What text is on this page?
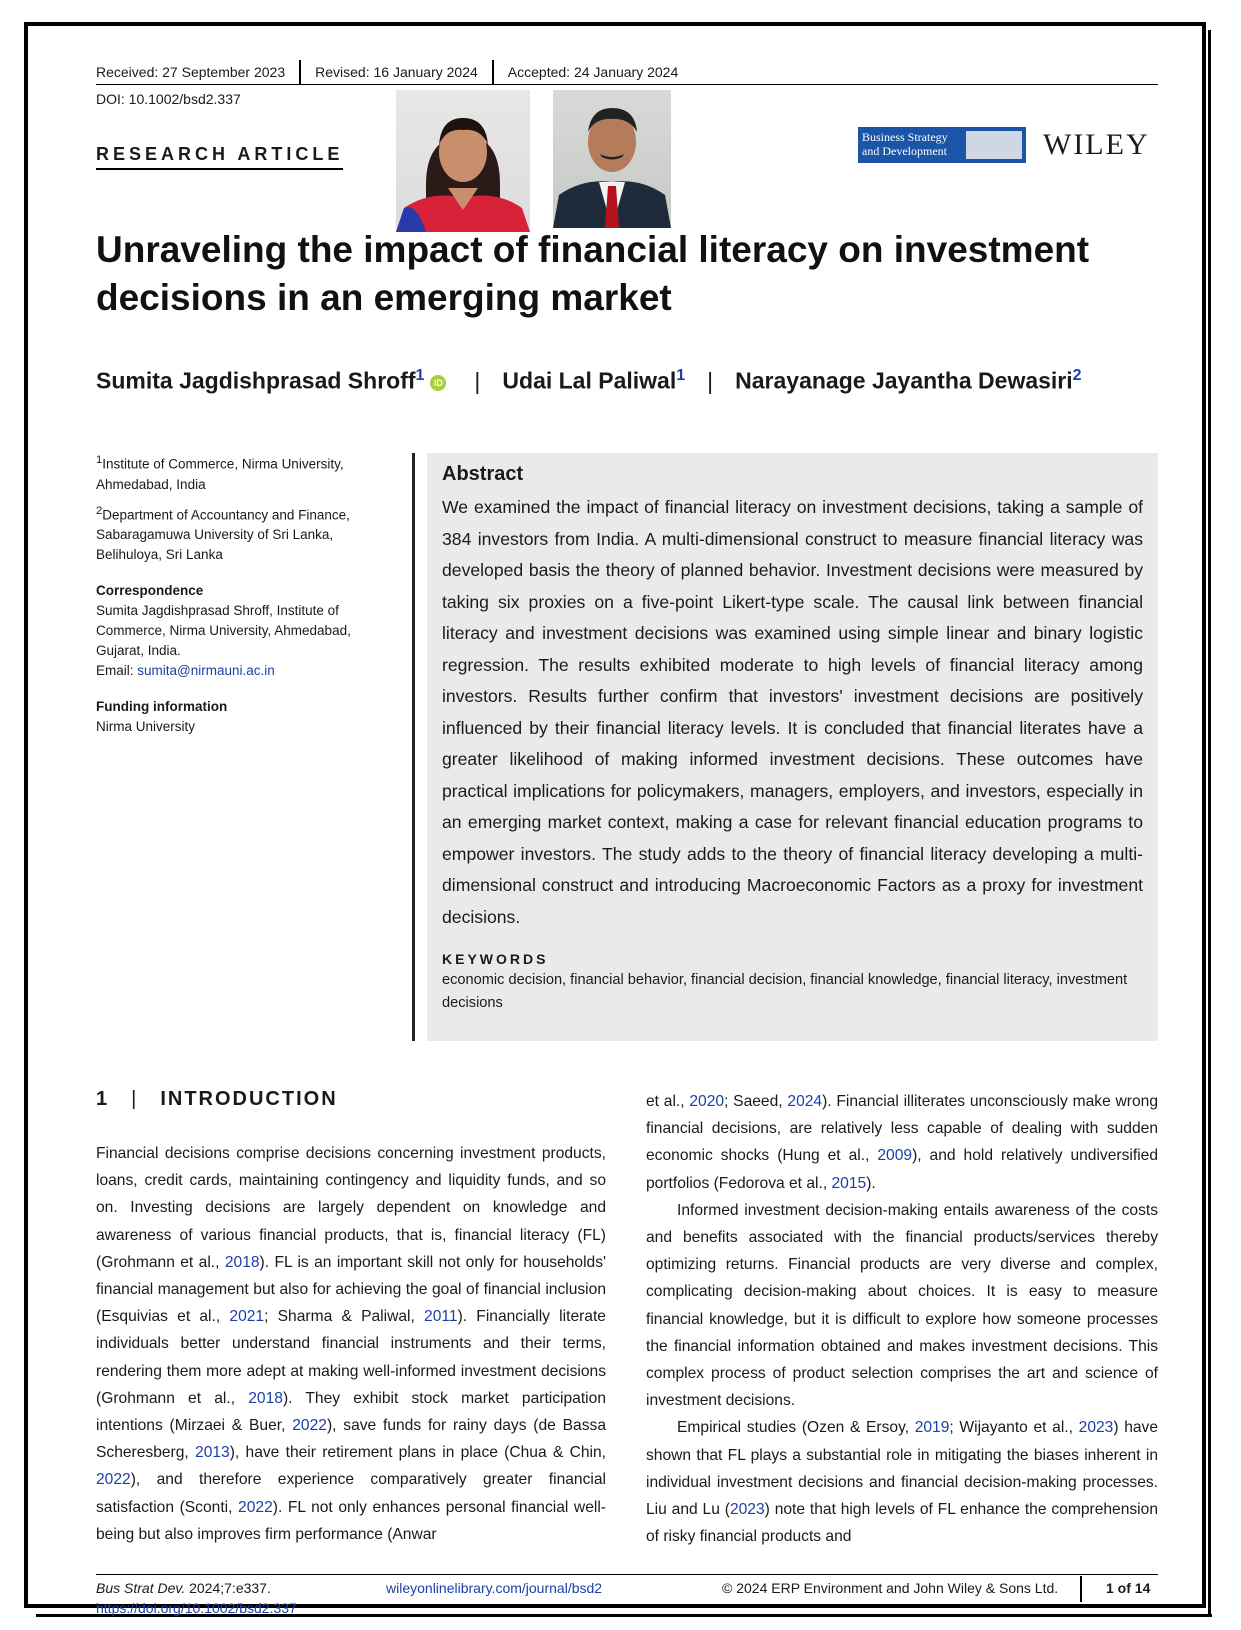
Received: 27 September 2023	Revised: 16 January 2024	Accepted: 24 January 2024
DOI: 10.1002/bsd2.337
RESEARCH ARTICLE
Business Strategy
and Development	WILEY
Unraveling the impact of financial literacy on investment decisions in an emerging market
Sumita Jagdishprasad Shroff$^1$ iD | Udai Lal Paliwal$^1$ | Narayanage Jayantha Dewasiri$^2$

$^1$Institute of Commerce, Nirma University, Ahmedabad, India

$^2$Department of Accountancy and Finance, Sabaragamuwa University of Sri Lanka, Belihuloya, Sri Lanka

Correspondence

Sumita Jagdishprasad Shroff, Institute of Commerce, Nirma University, Ahmedabad, Gujarat, India.
Email: sumita@nirmauni.ac.in

Funding information

Nirma University

Abstract
We examined the impact of financial literacy on investment decisions, taking a sample of 384 investors from India. A multi-dimensional construct to measure financial literacy was developed basis the theory of planned behavior. Investment decisions were measured by taking six proxies on a five-point Likert-type scale. The causal link between financial literacy and investment decisions was examined using simple linear and binary logistic regression. The results exhibited moderate to high levels of financial literacy among investors. Results further confirm that investors' investment decisions are positively influenced by their financial literacy levels. It is concluded that financial literates have a greater likelihood of making informed investment decisions. These outcomes have practical implications for policymakers, managers, employers, and investors, especially in an emerging market context, making a case for relevant financial education programs to empower investors. The study adds to the theory of financial literacy developing a multi-dimensional construct and introducing Macroeconomic Factors as a proxy for investment decisions.
KEYWORDS
economic decision, financial behavior, financial decision, financial knowledge, financial literacy, investment decisions
1 | INTRODUCTION

Financial decisions comprise decisions concerning investment products, loans, credit cards, maintaining contingency and liquidity funds, and so on. Investing decisions are largely dependent on knowledge and awareness of various financial products, that is, financial literacy (FL) (Grohmann et al., 2018). FL is an important skill not only for households' financial management but also for achieving the goal of financial inclusion (Esquivias et al., 2021; Sharma & Paliwal, 2011). Financially literate individuals better understand financial instruments and their terms, rendering them more adept at making well-informed investment decisions (Grohmann et al., 2018). They exhibit stock market participation intentions (Mirzaei & Buer, 2022), save funds for rainy days (de Bassa Scheresberg, 2013), have their retirement plans in place (Chua & Chin, 2022), and therefore experience comparatively greater financial satisfaction (Sconti, 2022). FL not only enhances personal financial well-being but also improves firm performance (Anwar

et al., 2020; Saeed, 2024). Financial illiterates unconsciously make wrong financial decisions, are relatively less capable of dealing with sudden economic shocks (Hung et al., 2009), and hold relatively undiversified portfolios (Fedorova et al., 2015).

Informed investment decision-making entails awareness of the costs and benefits associated with the financial products/services thereby optimizing returns. Financial products are very diverse and complex, complicating decision-making about choices. It is easy to measure financial knowledge, but it is difficult to explore how someone processes the financial information obtained and makes investment decisions. This complex process of product selection comprises the art and science of investment decisions.

Empirical studies (Ozen & Ersoy, 2019; Wijayanto et al., 2023) have shown that FL plays a substantial role in mitigating the biases inherent in individual investment decisions and financial decision-making processes. Liu and Lu (2023) note that high levels of FL enhance the comprehension of risky financial products and

Bus Strat Dev. 2024;7:e337.
https://doi.org/10.1002/bsd2.337
wileyonlinelibrary.com/journal/bsd2	© 2024 ERP Environment and John Wiley & Sons Ltd.	1 of 14
